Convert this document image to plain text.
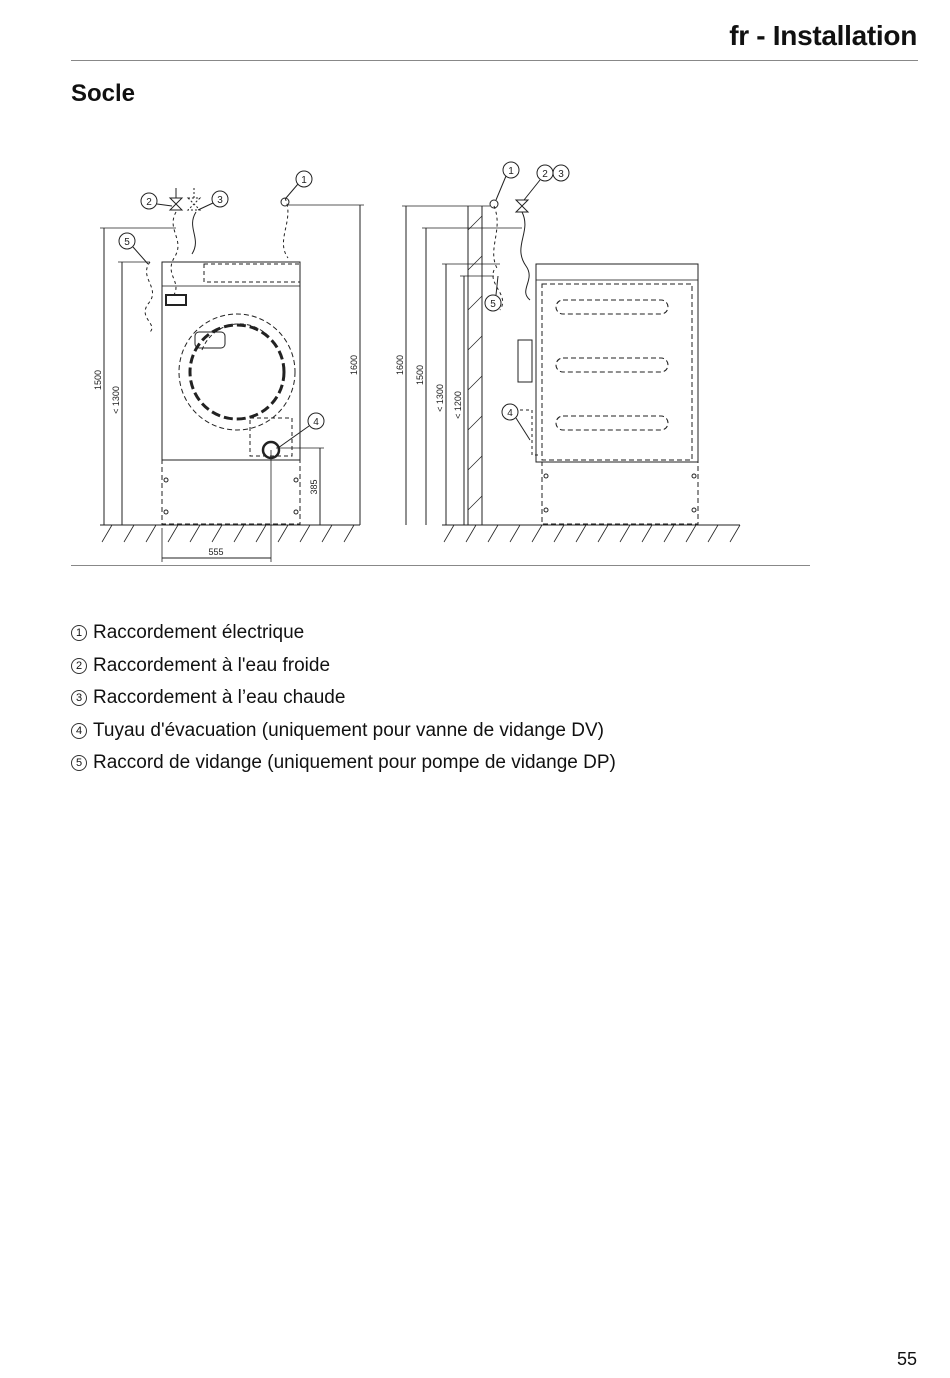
fr - Installation
Socle
1
2	3
5
4
1	2 3
5
4
1500
< 1300
1600
385
555
1600 1500
< 1300 < 1200
1 Raccordement électrique
2 Raccordement à l'eau froide
3 Raccordement à l’eau chaude
4 Tuyau d'évacuation (uniquement pour vanne de vidange DV)
5 Raccord de vidange (uniquement pour pompe de vidange DP)
55
